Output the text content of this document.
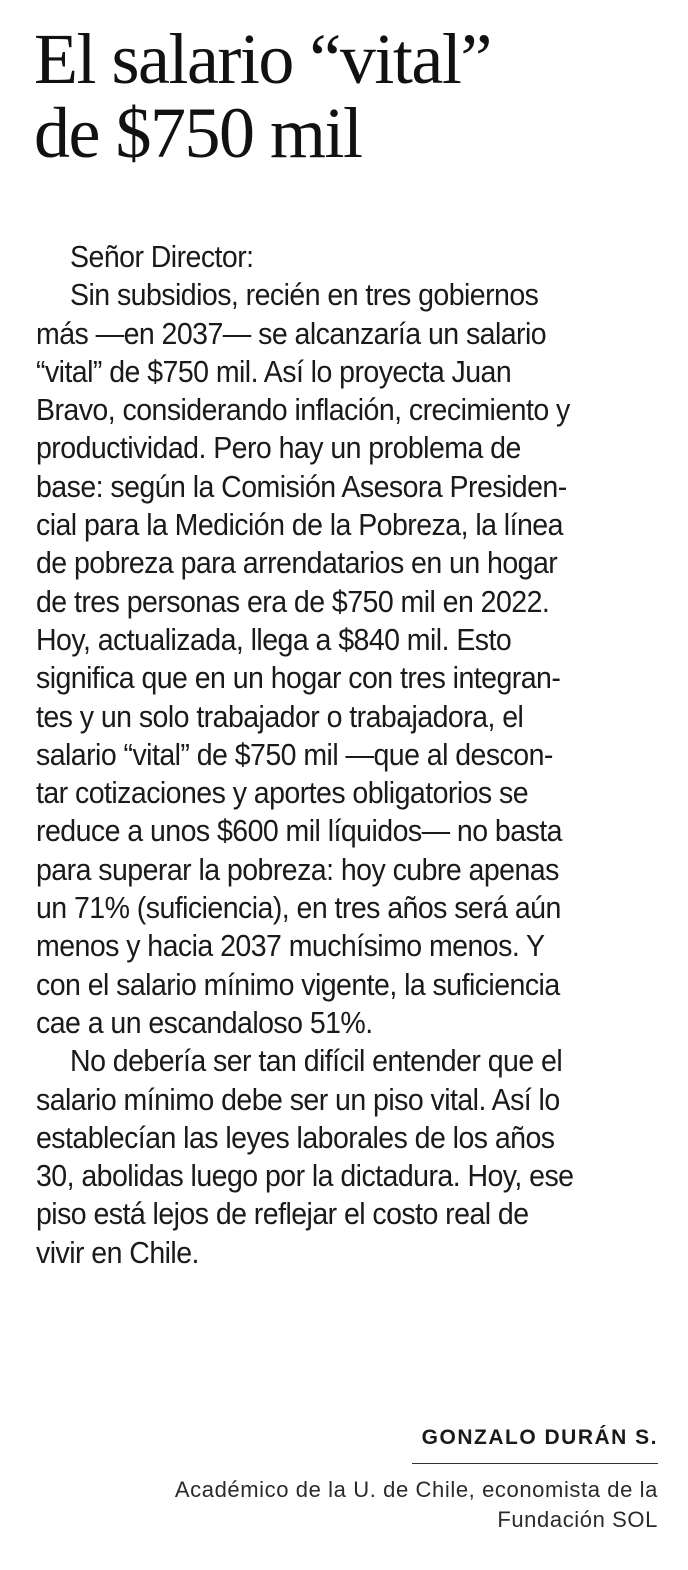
El salario “vital”
de $750 mil
Señor Director:
Sin subsidios, recién en tres gobiernos
más —en 2037— se alcanzaría un salario
“vital” de $750 mil. Así lo proyecta Juan
Bravo, considerando inflación, crecimiento y
productividad. Pero hay un problema de
base: según la Comisión Asesora Presiden-
cial para la Medición de la Pobreza, la línea
de pobreza para arrendatarios en un hogar
de tres personas era de $750 mil en 2022.
Hoy, actualizada, llega a $840 mil. Esto
significa que en un hogar con tres integran-
tes y un solo trabajador o trabajadora, el
salario “vital” de $750 mil —que al descon-
tar cotizaciones y aportes obligatorios se
reduce a unos $600 mil líquidos— no basta
para superar la pobreza: hoy cubre apenas
un 71% (suficiencia), en tres años será aún
menos y hacia 2037 muchísimo menos. Y
con el salario mínimo vigente, la suficiencia
cae a un escandaloso 51%.
No debería ser tan difícil entender que el
salario mínimo debe ser un piso vital. Así lo
establecían las leyes laborales de los años
30, abolidas luego por la dictadura. Hoy, ese
piso está lejos de reflejar el costo real de
vivir en Chile.
GONZALO DURÁN S.
Académico de la U. de Chile, economista de la
Fundación SOL
